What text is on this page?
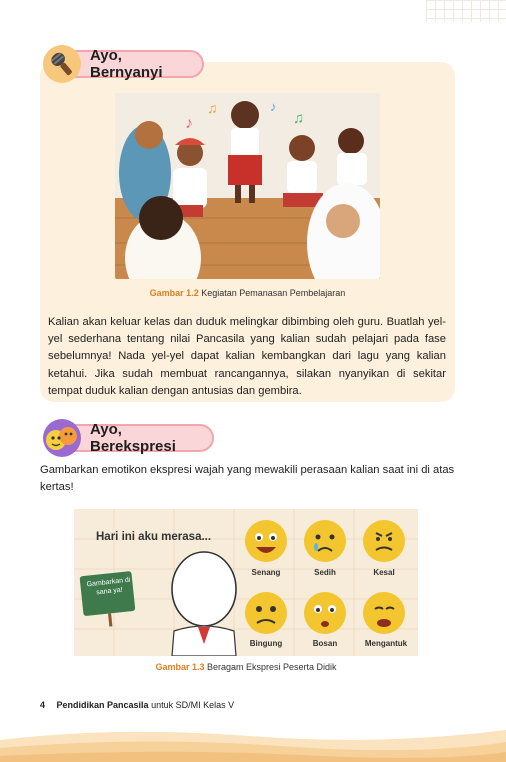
Ayo, Bernyanyi
♪
♫	♪
♫
Gambar 1.2 Kegiatan Pemanasan Pembelajaran

Kalian akan keluar kelas dan duduk melingkar dibimbing oleh guru. Buatlah yel-yel sederhana tentang nilai Pancasila yang kalian sudah pelajari pada fase sebelumnya! Nada yel-yel dapat kalian kembangkan dari lagu yang kalian ketahui. Jika sudah membuat rancangannya, silakan nyanyikan di sekitar tempat duduk kalian dengan antusias dan gembira.

Ayo, Berekspresi

Gambarkan emotikon ekspresi wajah yang mewakili perasaan kalian saat ini di atas kertas!

Hari ini aku merasa...
Gambarkan di sana ya!
Senang	Sedih	Kesal
Bingung	Bosan	Mengantuk
Gambar 1.3 Beragam Ekspresi Peserta Didik
4 Pendidikan Pancasila untuk SD/MI Kelas V
